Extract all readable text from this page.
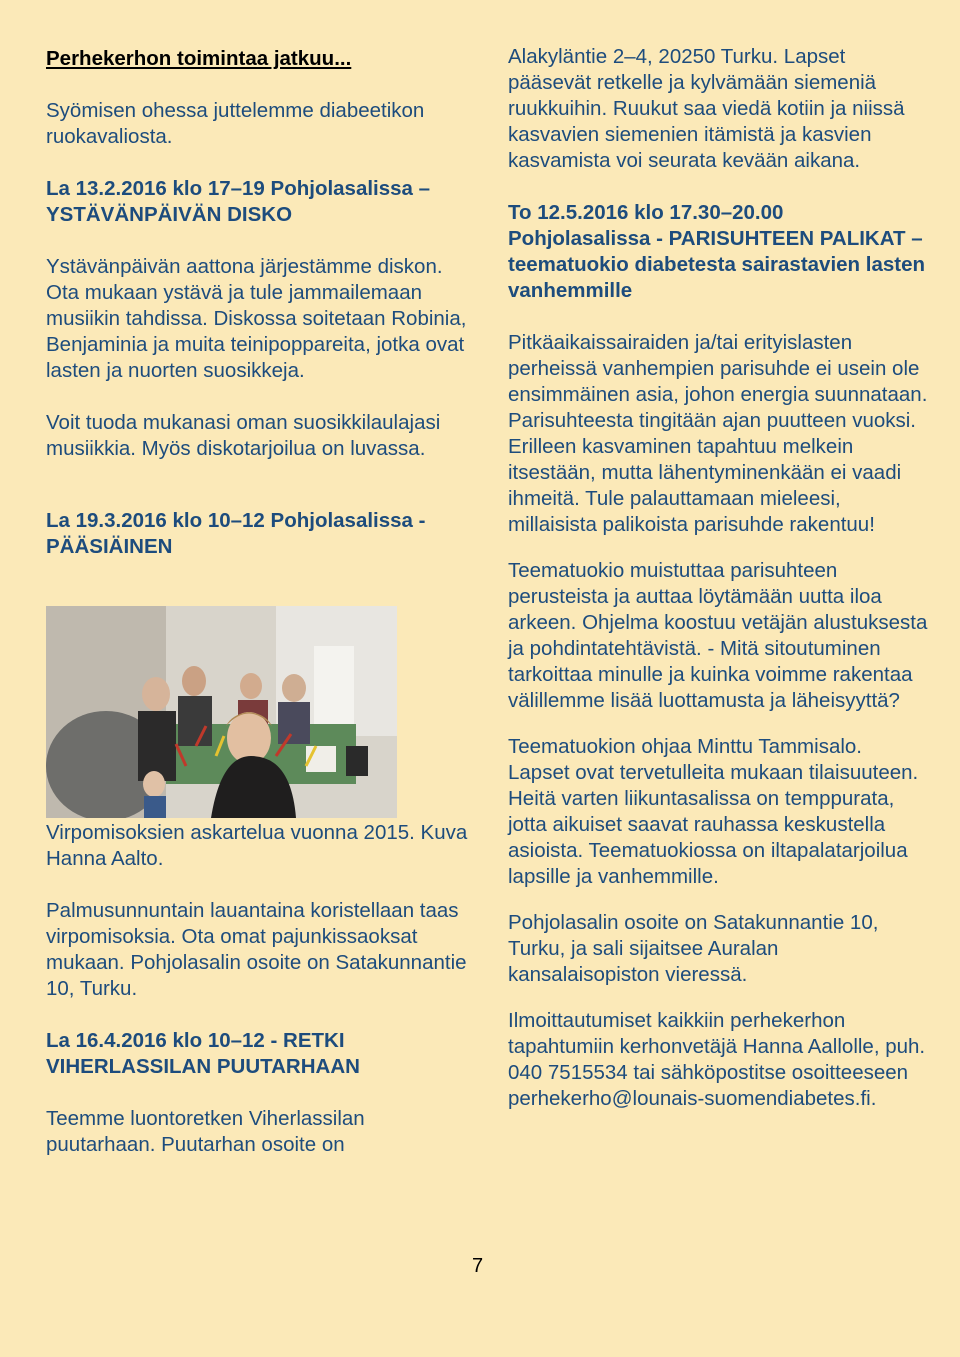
Perhekerhon toimintaa jatkuu...

Syömisen ohessa juttelemme diabeetikon ruokavaliosta.

La 13.2.2016 klo 17–19 Pohjolasalissa – YSTÄVÄNPÄIVÄN DISKO

Ystävänpäivän aattona järjestämme diskon. Ota mukaan ystävä ja tule jammailemaan musiikin tahdissa. Diskossa soitetaan Robinia, Benjaminia ja muita teinipoppareita, jotka ovat lasten ja nuorten suosikkeja.

Voit tuoda mukanasi oman suosikkilaulajasi musiikkia. Myös diskotarjoilua on luvassa.

La 19.3.2016 klo 10–12 Pohjolasalissa - PÄÄSIÄINEN

Virpomisoksien askartelua vuonna 2015. Kuva Hanna Aalto.

Palmusunnuntain lauantaina koristellaan taas virpomisoksia. Ota omat pajunkissaoksat mukaan. Pohjolasalin osoite on Satakunnantie 10, Turku.

La 16.4.2016 klo 10–12 - RETKI VIHERLASSILAN PUUTARHAAN

Teemme luontoretken Viherlassilan puutarhaan. Puutarhan osoite on

Alakyläntie 2–4, 20250 Turku. Lapset pääsevät retkelle ja kylvämään siemeniä ruukkuihin. Ruukut saa viedä kotiin ja niissä kasvavien siemenien itämistä ja kasvien kasvamista voi seurata kevään aikana.

To 12.5.2016 klo 17.30–20.00 Pohjolasalissa - PARISUHTEEN PALIKAT – teematuokio diabetesta sairastavien lasten vanhemmille

Pitkäaikaissairaiden ja/tai erityislasten perheissä vanhempien parisuhde ei usein ole ensimmäinen asia, johon energia suunnataan. Parisuhteesta tingitään ajan puutteen vuoksi. Erilleen kasvaminen tapahtuu melkein itsestään, mutta lähentyminenkään ei vaadi ihmeitä. Tule palauttamaan mieleesi, millaisista palikoista parisuhde rakentuu!

Teematuokio muistuttaa parisuhteen perusteista ja auttaa löytämään uutta iloa arkeen. Ohjelma koostuu vetäjän alustuksesta ja pohdintatehtävistä. - Mitä sitoutuminen tarkoittaa minulle ja kuinka voimme rakentaa välillemme lisää luottamusta ja läheisyyttä?

Teematuokion ohjaa Minttu Tammisalo. Lapset ovat tervetulleita mukaan tilaisuuteen. Heitä varten liikuntasalissa on temppurata, jotta aikuiset saavat rauhassa keskustella asioista. Teematuokiossa on iltapalatarjoilua lapsille ja vanhemmille.

Pohjolasalin osoite on Satakunnantie 10, Turku, ja sali sijaitsee Auralan kansalaisopiston vieressä.

Ilmoittautumiset kaikkiin perhekerhon tapahtumiin kerhonvetäjä Hanna Aallolle, puh. 040 7515534 tai sähköpostitse osoitteeseen perhekerho@lounais-suomendiabetes.fi.

7
